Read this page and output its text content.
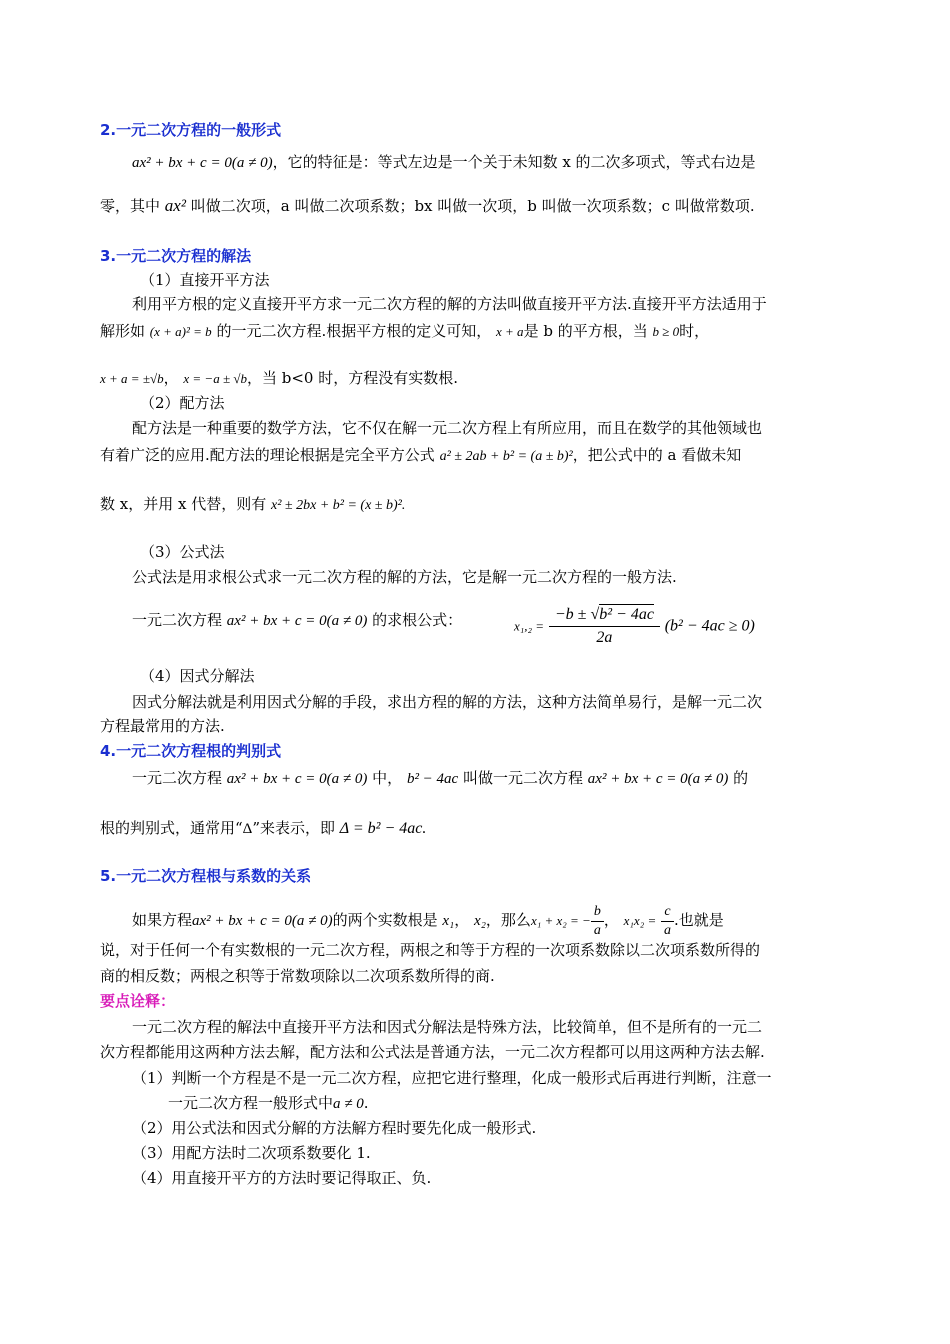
2.一元二次方程的一般形式
ax² + bx + c = 0(a ≠ 0)，它的特征是：等式左边是一个关于未知数 x 的二次多项式，等式右边是
零，其中 ax² 叫做二次项，a 叫做二次项系数；bx 叫做一次项，b 叫做一次项系数；c 叫做常数项.
3.一元二次方程的解法
（1）直接开平方法
利用平方根的定义直接开平方求一元二次方程的解的方法叫做直接开平方法.直接开平方法适用于
解形如 (x + a)² = b 的一元二次方程.根据平方根的定义可知， x + a是 b 的平方根，当 b ≥ 0时，
x + a = ±√b， x = −a ± √b，当 b<0 时，方程没有实数根.
（2）配方法
配方法是一种重要的数学方法，它不仅在解一元二次方程上有所应用，而且在数学的其他领域也
有着广泛的应用.配方法的理论根据是完全平方公式 a² ± 2ab + b² = (a ± b)²，把公式中的 a 看做未知
数 x，并用 x 代替，则有 x² ± 2bx + b² = (x ± b)².
（3）公式法
公式法是用求根公式求一元二次方程的解的方法，它是解一元二次方程的一般方法.
一元二次方程 ax² + bx + c = 0(a ≠ 0) 的求根公式：	$x_1,_2 = \frac{\text{−b ± √b² − 4ac}}{2a} (b^2 - 4ac \ge 0)$
（4）因式分解法
因式分解法就是利用因式分解的手段，求出方程的解的方法，这种方法简单易行，是解一元二次
方程最常用的方法.
4.一元二次方程根的判别式
一元二次方程 ax² + bx + c = 0(a ≠ 0) 中， b² − 4ac 叫做一元二次方程 ax² + bx + c = 0(a ≠ 0) 的
根的判别式，通常用“Δ”来表示，即 Δ = b² − 4ac.
5.一元二次方程根与系数的关系
如果方程ax² + bx + c = 0(a ≠ 0)的两个实数根是 x₁， x₂，那么x₁ + x₂ = − $\frac{b}{a}$ ， $x_1x_2 = \frac{c}{a}$ .也就是
说，对于任何一个有实数根的一元二次方程，两根之和等于方程的一次项系数除以二次项系数所得的
商的相反数；两根之积等于常数项除以二次项系数所得的商.
要点诠释：
一元二次方程的解法中直接开平方法和因式分解法是特殊方法，比较简单，但不是所有的一元二
次方程都能用这两种方法去解，配方法和公式法是普通方法，一元二次方程都可以用这两种方法去解.
（1）判断一个方程是不是一元二次方程，应把它进行整理，化成一般形式后再进行判断，注意一
一元二次方程一般形式中a ≠ 0.
（2）用公式法和因式分解的方法解方程时要先化成一般形式.
（3）用配方法时二次项系数要化 1.
（4）用直接开平方的方法时要记得取正、负.
